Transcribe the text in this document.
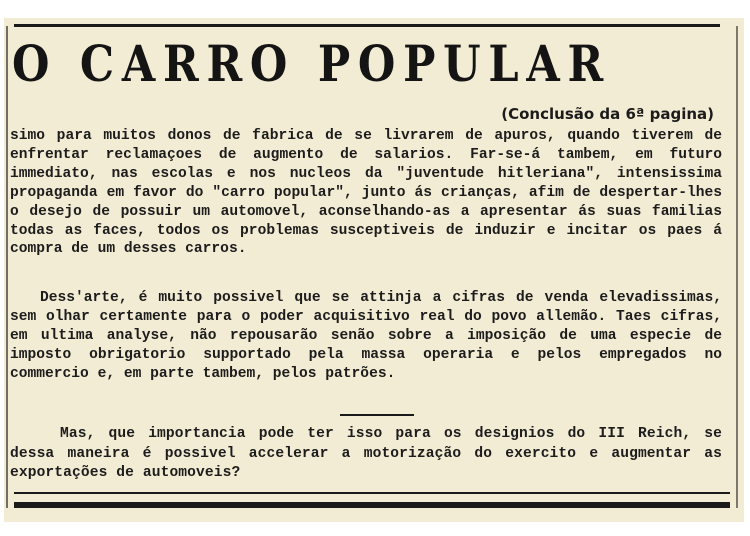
O CARRO POPULAR
(Conclusão da 6ª pagina)

simo para muitos donos de fabrica de se livrarem de apuros, quando tiverem de enfrentar reclamaçoes de augmento de salarios. Far-se-á tambem, em futuro immediato, nas escolas e nos nucleos da "juventude hitleriana", intensissima propaganda em favor do "carro popular", junto ás crianças, afim de despertar-lhes o desejo de possuir um automovel, aconselhando-as a apresentar ás suas familias todas as faces, todos os problemas susceptiveis de induzir e incitar os paes á compra de um desses carros.

Dess'arte, é muito possivel que se attinja a cifras de venda elevadissimas, sem olhar certamente para o poder acquisitivo real do povo allemão. Taes cifras, em ultima analyse, não repousarão senão sobre a imposição de uma especie de imposto obrigatorio supportado pela massa operaria e pelos empregados no commercio e, em parte tambem, pelos patrões.

Mas, que importancia pode ter isso para os designios do III Reich, se dessa maneira é possivel accelerar a motorização do exercito e augmentar as exportações de automoveis?
